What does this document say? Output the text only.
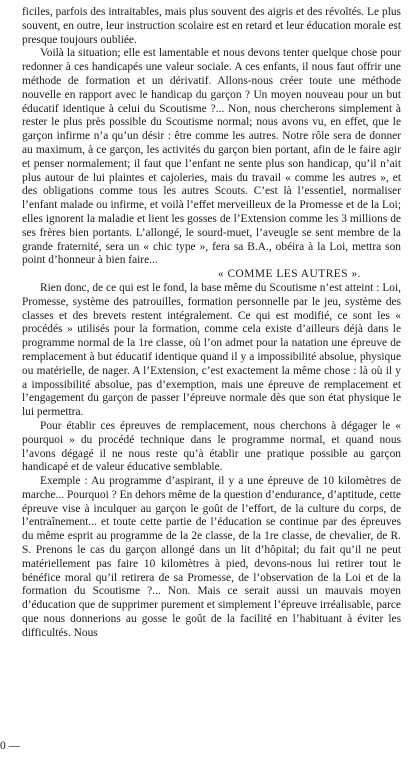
ficiles, parfois des intraitables, mais plus souvent des aigris et des révoltés. Le plus souvent, en outre, leur instruction scolaire est en retard et leur éducation morale est presque toujours oubliée.

Voilà la situation; elle est lamentable et nous devons tenter quelque chose pour redonner à ces handicapés une valeur sociale. A ces enfants, il nous faut offrir une méthode de formation et un dérivatif. Allons-nous créer toute une méthode nouvelle en rapport avec le handicap du garçon ? Un moyen nouveau pour un but éducatif identique à celui du Scoutisme ?... Non, nous chercherons simplement à rester le plus près possible du Scoutisme normal; nous avons vu, en effet, que le garçon infirme n’a qu’un désir : être comme les autres. Notre rôle sera de donner au maximum, à ce garçon, les activités du garçon bien portant, afin de le faire agir et penser normalement; il faut que l’enfant ne sente plus son handicap, qu’il n’ait plus autour de lui plaintes et cajoleries, mais du travail « comme les autres », et des obligations comme tous les autres Scouts. C’est là l’essentiel, normaliser l’enfant malade ou infirme, et voilà l’effet merveilleux de la Promesse et de la Loi; elles ignorent la maladie et lient les gosses de l’Extension comme les 3 millions de ses frères bien portants. L’allongé, le sourd-muet, l’aveugle se sent membre de la grande fraternité, sera un « chic type », fera sa B.A., obéira à la Loi, mettra son point d’honneur à bien faire...

« COMME LES AUTRES ».

Rien donc, de ce qui est le fond, la base même du Scoutisme n’est atteint : Loi, Promesse, système des patrouilles, formation personnelle par le jeu, système des classes et des brevets restent intégralement. Ce qui est modifié, ce sont les « procédés » utilisés pour la formation, comme cela existe d’ailleurs déjà dans le programme normal de la 1re classe, où l’on admet pour la natation une épreuve de remplacement à but éducatif identique quand il y a impossibilité absolue, physique ou matérielle, de nager. A l’Extension, c’est exactement la même chose : là où il y a impossibilité absolue, pas d’exemption, mais une épreuve de remplacement et l’engagement du garçon de passer l’épreuve normale dès que son état physique le lui permettra.

Pour établir ces épreuves de remplacement, nous cherchons à dégager le « pourquoi » du procédé technique dans le programme normal, et quand nous l’avons dégagé il ne nous reste qu’à établir une pratique possible au garçon handicapé et de valeur éducative semblable.

Exemple : Au programme d’aspirant, il y a une épreuve de 10 kilomètres de marche... Pourquoi ? En dehors même de la question d’endurance, d’aptitude, cette épreuve vise à inculquer au garçon le goût de l’effort, de la culture du corps, de l’entraînement... et toute cette partie de l’éducation se continue par des épreuves du même esprit au programme de la 2e classe, de la 1re classe, de chevalier, de R. S. Prenons le cas du garçon allongé dans un lit d’hôpital; du fait qu’il ne peut matériellement pas faire 10 kilomètres à pied, devons-nous lui retirer tout le bénéfice moral qu’il retirera de sa Promesse, de l’observation de la Loi et de la formation du Scoutisme ?... Non. Mais ce serait aussi un mauvais moyen d’éducation que de supprimer purement et simplement l’épreuve irréalisable, parce que nous donnerions au gosse le goût de la facilité en l’habituant à éviter les difficultés. Nous

0 —
